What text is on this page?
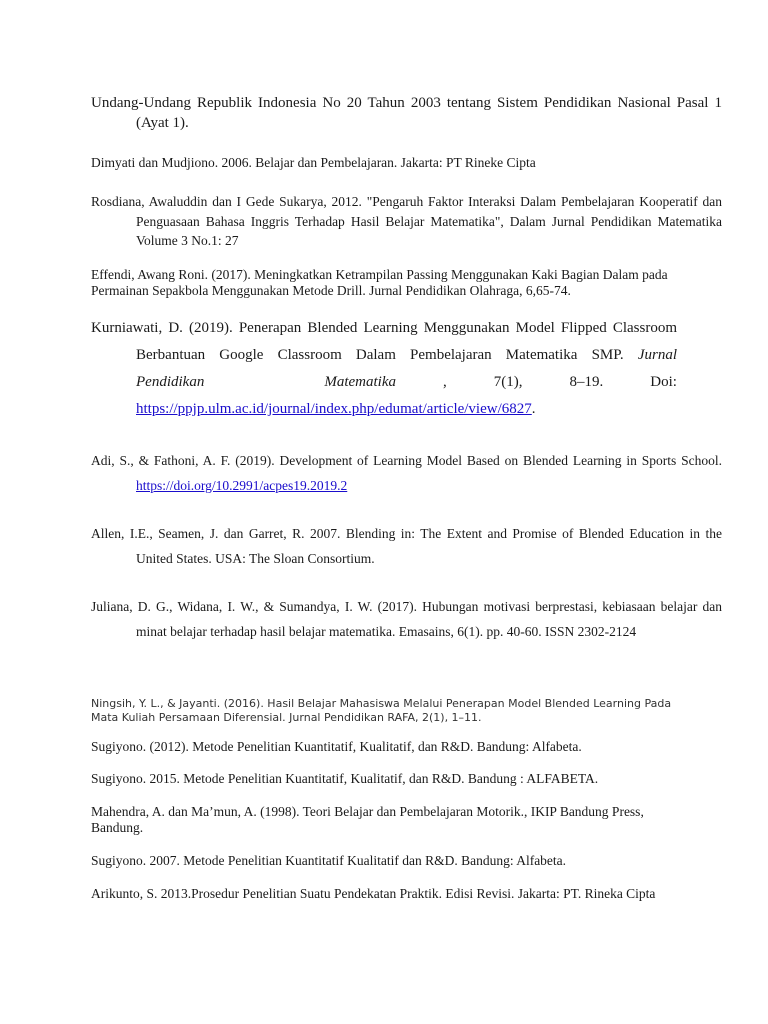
Undang-Undang Republik Indonesia No 20 Tahun 2003 tentang Sistem Pendidikan Nasional Pasal 1 (Ayat 1).

Dimyati dan Mudjiono. 2006. Belajar dan Pembelajaran. Jakarta: PT Rineke Cipta

Rosdiana, Awaluddin dan I Gede Sukarya, 2012. "Pengaruh Faktor Interaksi Dalam Pembelajaran Kooperatif dan Penguasaan Bahasa Inggris Terhadap Hasil Belajar Matematika", Dalam Jurnal Pendidikan Matematika Volume 3 No.1: 27

Effendi, Awang Roni. (2017). Meningkatkan Ketrampilan Passing Menggunakan Kaki Bagian Dalam pada Permainan Sepakbola Menggunakan Metode Drill. Jurnal Pendidikan Olahraga, 6,65-74.

Kurniawati, D. (2019). Penerapan Blended Learning Menggunakan Model Flipped Classroom
Berbantuan Google Classroom Dalam Pembelajaran Matematika SMP. Jurnal
Pendidikan	Matematika	,	7(1),	8–19.	Doi:
https://ppjp.ulm.ac.id/journal/index.php/edumat/article/view/6827.

Adi, S., & Fathoni, A. F. (2019). Development of Learning Model Based on Blended Learning in Sports School. https://doi.org/10.2991/acpes19.2019.2

Allen, I.E., Seamen, J. dan Garret, R. 2007. Blending in: The Extent and Promise of Blended Education in the United States. USA: The Sloan Consortium.

Juliana, D. G., Widana, I. W., & Sumandya, I. W. (2017). Hubungan motivasi berprestasi, kebiasaan belajar dan minat belajar terhadap hasil belajar matematika. Emasains, 6(1). pp. 40-60. ISSN 2302-2124

Ningsih, Y. L., & Jayanti. (2016). Hasil Belajar Mahasiswa Melalui Penerapan Model Blended Learning Pada Mata Kuliah Persamaan Diferensial. Jurnal Pendidikan RAFA, 2(1), 1–11.

Sugiyono. (2012). Metode Penelitian Kuantitatif, Kualitatif, dan R&D. Bandung: Alfabeta.

Sugiyono. 2015. Metode Penelitian Kuantitatif, Kualitatif, dan R&D. Bandung : ALFABETA.

Mahendra, A. dan Ma’mun, A. (1998). Teori Belajar dan Pembelajaran Motorik., IKIP Bandung Press, Bandung.

Sugiyono. 2007. Metode Penelitian Kuantitatif Kualitatif dan R&D. Bandung: Alfabeta.

Arikunto, S. 2013.Prosedur Penelitian Suatu Pendekatan Praktik. Edisi Revisi. Jakarta: PT. Rineka Cipta
